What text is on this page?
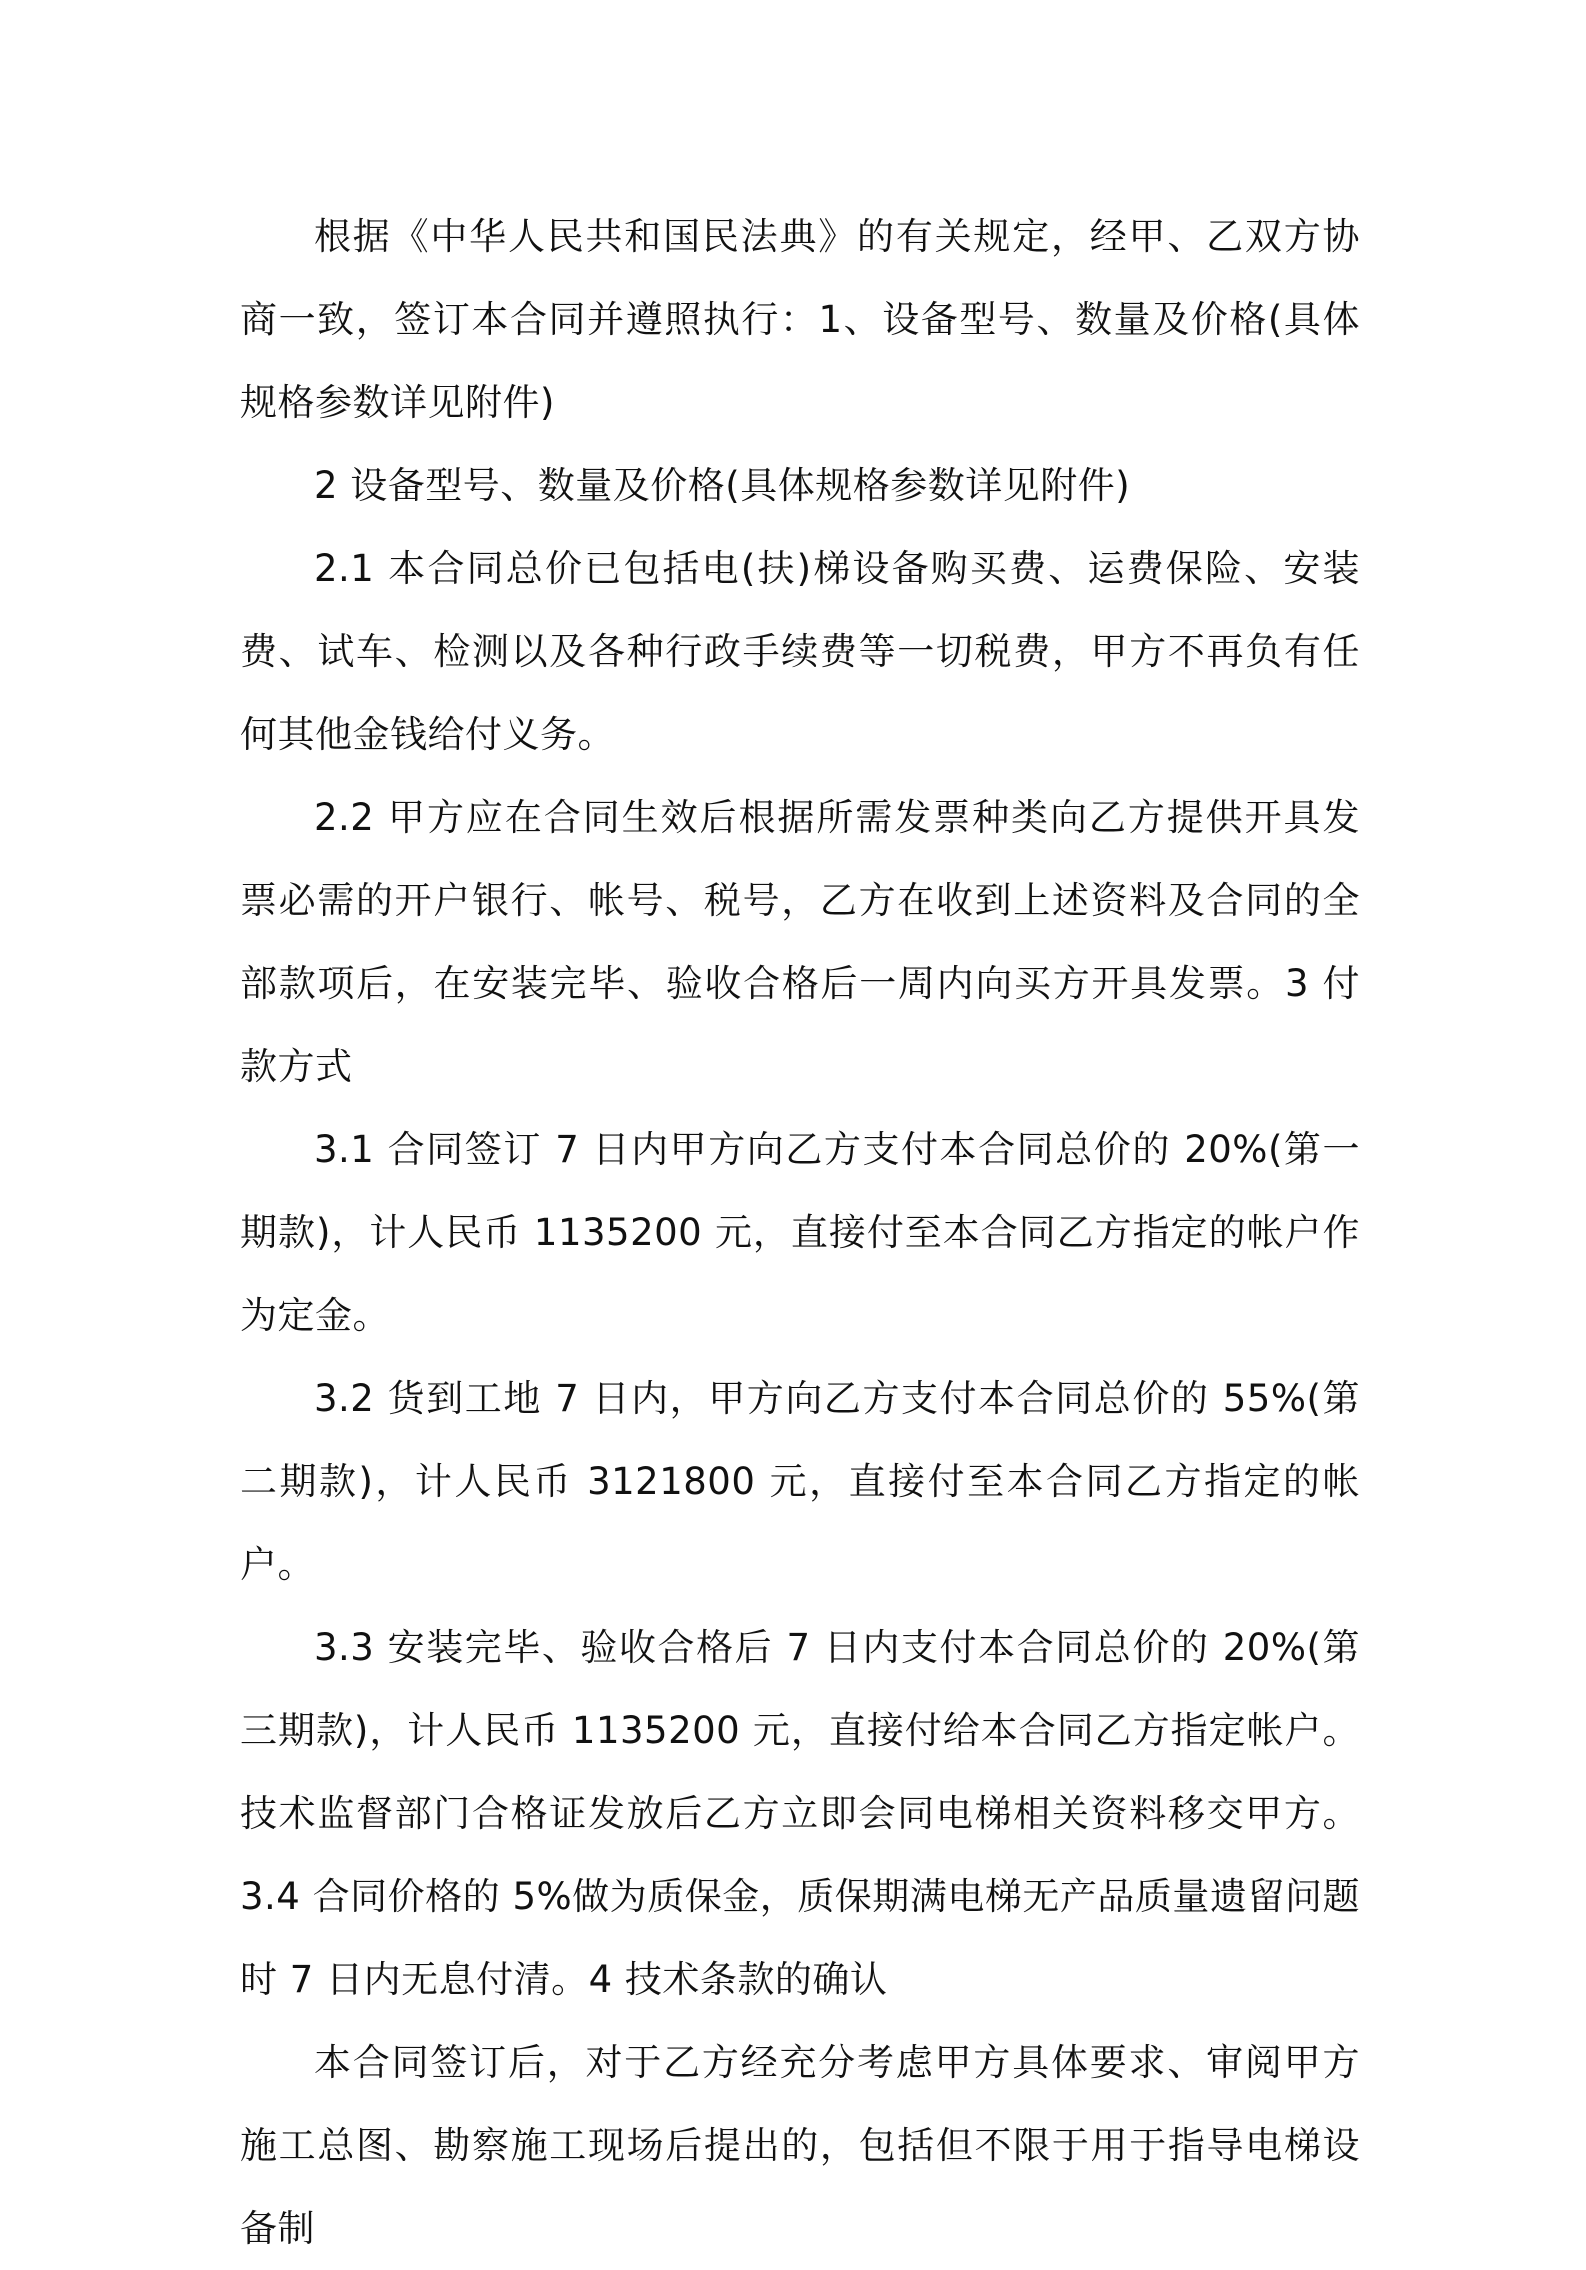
根据《中华人民共和国民法典》的有关规定，经甲、乙双方协商一致，签订本合同并遵照执行：1、设备型号、数量及价格(具体规格参数详见附件)

2 设备型号、数量及价格(具体规格参数详见附件)

2.1 本合同总价已包括电(扶)梯设备购买费、运费保险、安装费、试车、检测以及各种行政手续费等一切税费，甲方不再负有任何其他金钱给付义务。

2.2 甲方应在合同生效后根据所需发票种类向乙方提供开具发票必需的开户银行、帐号、税号，乙方在收到上述资料及合同的全部款项后，在安装完毕、验收合格后一周内向买方开具发票。3 付款方式

3.1 合同签订 7 日内甲方向乙方支付本合同总价的 20%(第一期款)，计人民币 1135200 元，直接付至本合同乙方指定的帐户作为定金。

3.2 货到工地 7 日内，甲方向乙方支付本合同总价的 55%(第二期款)，计人民币 3121800 元，直接付至本合同乙方指定的帐户。

3.3 安装完毕、验收合格后 7 日内支付本合同总价的 20%(第三期款)，计人民币 1135200 元，直接付给本合同乙方指定帐户。技术监督部门合格证发放后乙方立即会同电梯相关资料移交甲方。3.4 合同价格的 5%做为质保金，质保期满电梯无产品质量遗留问题时 7 日内无息付清。4 技术条款的确认

本合同签订后，对于乙方经充分考虑甲方具体要求、审阅甲方施工总图、勘察施工现场后提出的，包括但不限于用于指导电梯设备制
